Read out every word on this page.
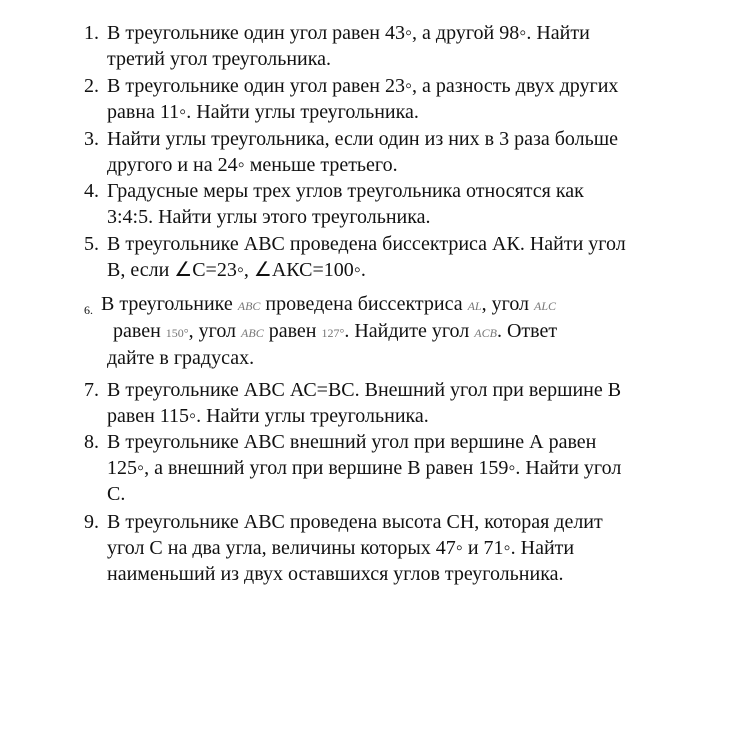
1. В треугольнике один угол равен 43◦, а другой 98◦. Найти
третий угол треугольника.
2. В треугольнике один угол равен 23◦, а разность двух других
равна 11◦. Найти углы треугольника.
3. Найти углы треугольника, если один из них в 3 раза больше
другого и на 24◦ меньше третьего.
4. Градусные меры трех углов треугольника относятся как
3:4:5. Найти углы этого треугольника.
5. В треугольнике АВС проведена биссектриса АК. Найти угол
В, если ∠С=23◦, ∠АКС=100◦.
6. В треугольнике ABC проведена биссектриса AL, угол ALC
равен 150°, угол ABC равен 127°. Найдите угол ACB. Ответ
дайте в градусах.
7. В треугольнике АВС АС=ВС. Внешний угол при вершине В
равен 115◦. Найти углы треугольника.
8. В треугольнике АВС внешний угол при вершине А равен
125◦, а внешний угол при вершине В равен 159◦. Найти угол
С.
9. В треугольнике АВС проведена высота СН, которая делит
угол С на два угла, величины которых 47◦ и 71◦. Найти
наименьший из двух оставшихся углов треугольника.
